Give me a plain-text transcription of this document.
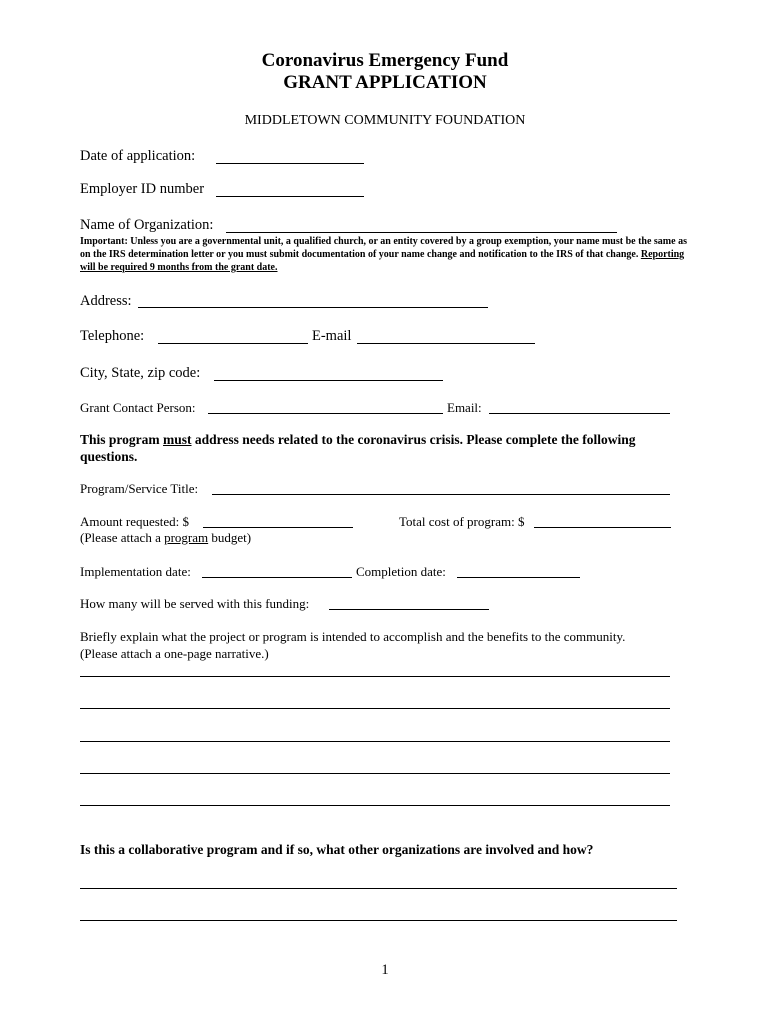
Coronavirus Emergency Fund
GRANT APPLICATION
MIDDLETOWN COMMUNITY FOUNDATION
Date of application:
Employer ID number
Name of Organization:
Important: Unless you are a governmental unit, a qualified church, or an entity covered by a group exemption, your name must be the same as on the IRS determination letter or you must submit documentation of your name change and notification to the IRS of that change. Reporting will be required 9 months from the grant date.
Address:
Telephone:	E-mail
City, State, zip code:
Grant Contact Person:	Email:
This program must address needs related to the coronavirus crisis. Please complete the following
questions.
Program/Service Title:
Amount requested: $	Total cost of program: $
(Please attach a program budget)
Implementation date:	Completion date:
How many will be served with this funding:
Briefly explain what the project or program is intended to accomplish and the benefits to the community.
(Please attach a one-page narrative.)
Is this a collaborative program and if so, what other organizations are involved and how?
1
